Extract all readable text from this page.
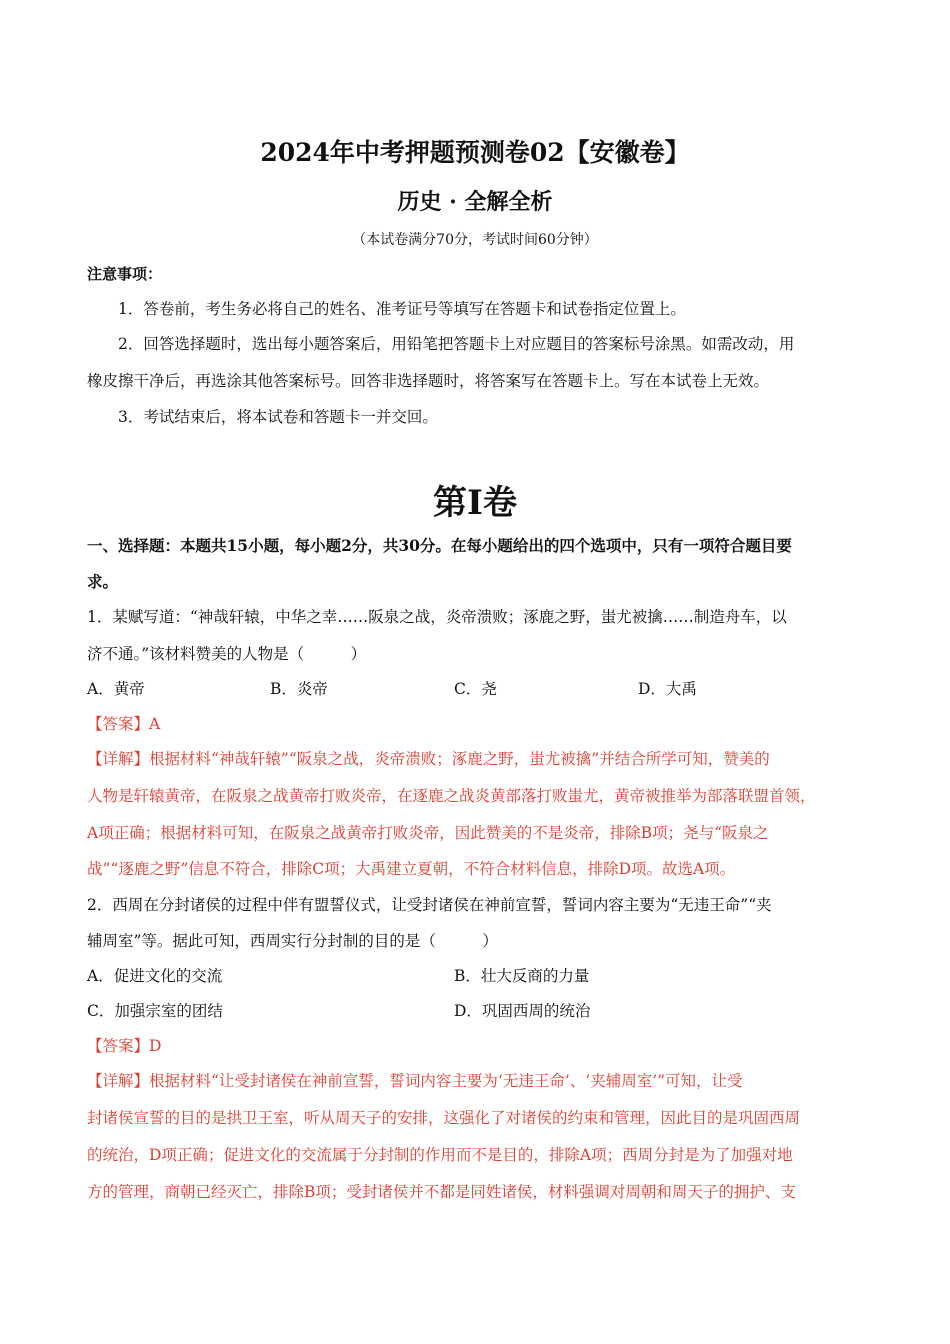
2024年中考押题预测卷02【安徽卷】
历史 · 全解全析
（本试卷满分70分，考试时间60分钟）
注意事项：
1．答卷前，考生务必将自己的姓名、准考证号等填写在答题卡和试卷指定位置上。
2．回答选择题时，选出每小题答案后，用铅笔把答题卡上对应题目的答案标号涂黑。如需改动，用
橡皮擦干净后，再选涂其他答案标号。回答非选择题时，将答案写在答题卡上。写在本试卷上无效。
3．考试结束后，将本试卷和答题卡一并交回。
第Ⅰ卷
一、选择题：本题共15小题，每小题2分，共30分。在每小题给出的四个选项中，只有一项符合题目要
求。
1．某赋写道：“神哉轩辕，中华之幸……阪泉之战，炎帝溃败；涿鹿之野，蚩尤被擒……制造舟车，以
济不通。”该材料赞美的人物是（　　　）
A．黄帝	B．炎帝	C．尧	D．大禹
【答案】A
【详解】根据材料“神哉轩辕”“阪泉之战，炎帝溃败；涿鹿之野，蚩尤被擒”并结合所学可知，赞美的
人物是轩辕黄帝，在阪泉之战黄帝打败炎帝，在逐鹿之战炎黄部落打败蚩尤，黄帝被推举为部落联盟首领，
A项正确；根据材料可知，在阪泉之战黄帝打败炎帝，因此赞美的不是炎帝，排除B项；尧与“阪泉之
战”“逐鹿之野”信息不符合，排除C项；大禹建立夏朝，不符合材料信息，排除D项。故选A项。
2．西周在分封诸侯的过程中伴有盟誓仪式，让受封诸侯在神前宣誓，誓词内容主要为“无违王命”“夹
辅周室”等。据此可知，西周实行分封制的目的是（　　　）
A．促进文化的交流	B．壮大反商的力量
C．加强宗室的团结	D．巩固西周的统治
【答案】D
【详解】根据材料“让受封诸侯在神前宣誓，誓词内容主要为‘无违王命’、‘夹辅周室’”可知，让受
封诸侯宣誓的目的是拱卫王室，听从周天子的安排，这强化了对诸侯的约束和管理，因此目的是巩固西周
的统治，D项正确；促进文化的交流属于分封制的作用而不是目的，排除A项；西周分封是为了加强对地
方的管理，商朝已经灭亡，排除B项；受封诸侯并不都是同姓诸侯，材料强调对周朝和周天子的拥护、支
